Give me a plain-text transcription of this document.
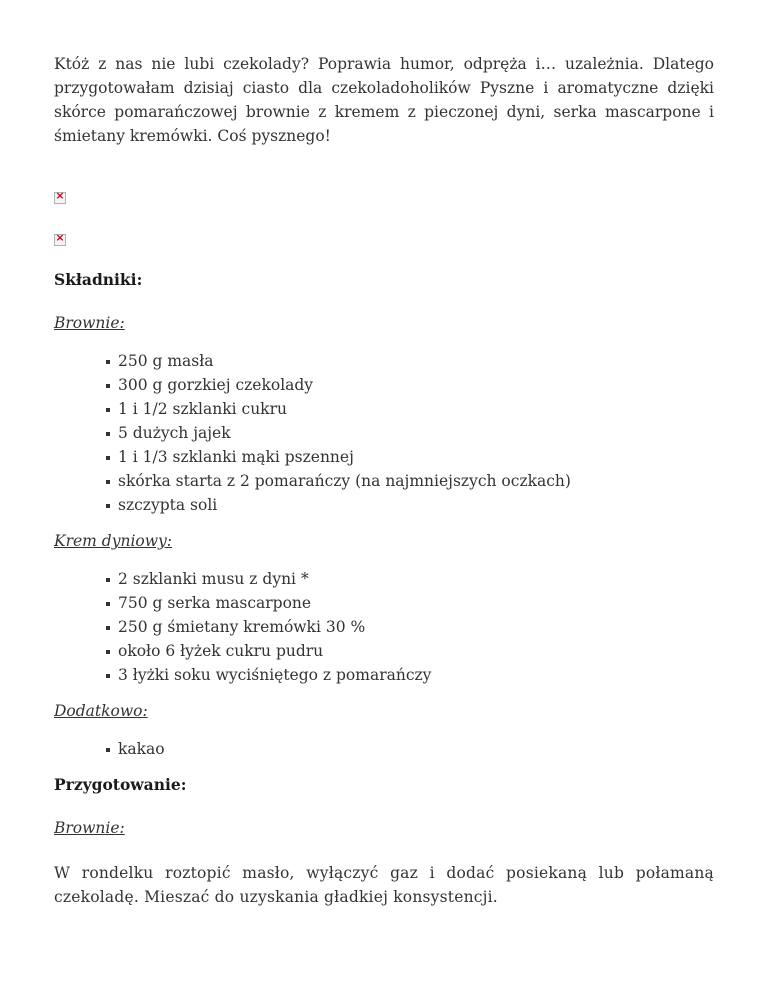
Któż z nas nie lubi czekolady? Poprawia humor, odpręża i… uzależnia. Dlatego przygotowałam dzisiaj ciasto dla czekoladoholików Pyszne i aromatyczne dzięki skórce pomarańczowej brownie z kremem z pieczonej dyni, serka mascarpone i śmietany kremówki. Coś pysznego!

×
×

Składniki:

Brownie:

250 g masła
300 g gorzkiej czekolady
1 i 1/2 szklanki cukru
5 dużych jajek
1 i 1/3 szklanki mąki pszennej
skórka starta z 2 pomarańczy (na najmniejszych oczkach)
szczypta soli

Krem dyniowy:

2 szklanki musu z dyni *
750 g serka mascarpone
250 g śmietany kremówki 30 %
około 6 łyżek cukru pudru
3 łyżki soku wyciśniętego z pomarańczy

Dodatkowo:

kakao

Przygotowanie:

Brownie:

W rondelku roztopić masło, wyłączyć gaz i dodać posiekaną lub połamaną czekoladę. Mieszać do uzyskania gładkiej konsystencji.
